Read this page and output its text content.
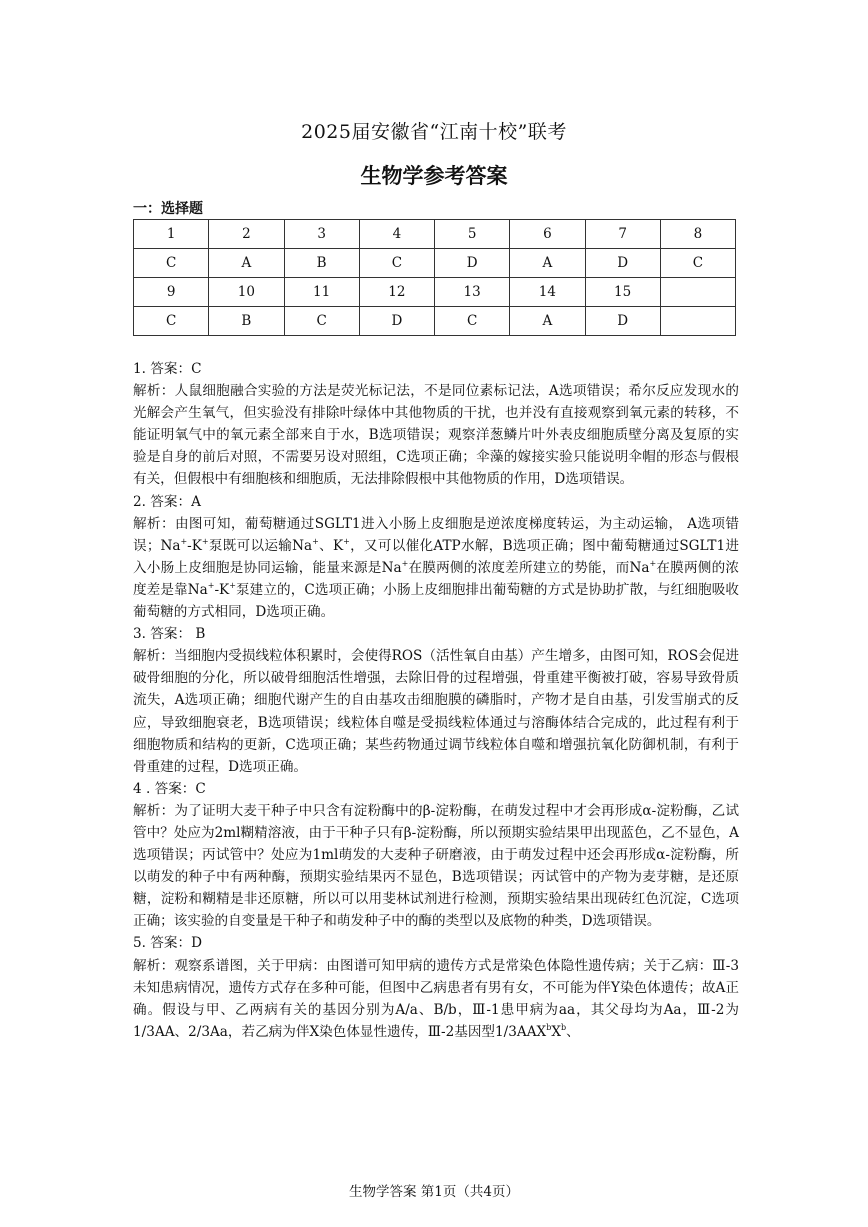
2025届安徽省“江南十校”联考
生物学参考答案
一：选择题
1	2	3	4	5	6	7	8
C	A	B	C	D	A	D	C
9	10	11	12	13	14	15	
C	B	C	D	C	A	D	

1. 答案：C

解析：人鼠细胞融合实验的方法是荧光标记法，不是同位素标记法，A选项错误；希尔反应发现水的光解会产生氧气，但实验没有排除叶绿体中其他物质的干扰，也并没有直接观察到氧元素的转移，不能证明氧气中的氧元素全部来自于水，B选项错误；观察洋葱鳞片叶外表皮细胞质壁分离及复原的实验是自身的前后对照，不需要另设对照组，C选项正确；伞藻的嫁接实验只能说明伞帽的形态与假根有关，但假根中有细胞核和细胞质，无法排除假根中其他物质的作用，D选项错误。

2. 答案：A

解析：由图可知，葡萄糖通过SGLT1进入小肠上皮细胞是逆浓度梯度转运，为主动运输， A选项错误；Na+-K+泵既可以运输Na+、K+，又可以催化ATP水解，B选项正确；图中葡萄糖通过SGLT1进入小肠上皮细胞是协同运输，能量来源是Na+在膜两侧的浓度差所建立的势能，而Na+在膜两侧的浓度差是靠Na+-K+泵建立的，C选项正确；小肠上皮细胞排出葡萄糖的方式是协助扩散，与红细胞吸收葡萄糖的方式相同，D选项正确。

3. 答案： B

解析：当细胞内受损线粒体积累时，会使得ROS（活性氧自由基）产生增多，由图可知，ROS会促进破骨细胞的分化，所以破骨细胞活性增强，去除旧骨的过程增强，骨重建平衡被打破，容易导致骨质流失，A选项正确；细胞代谢产生的自由基攻击细胞膜的磷脂时，产物才是自由基，引发雪崩式的反应，导致细胞衰老，B选项错误；线粒体自噬是受损线粒体通过与溶酶体结合完成的，此过程有利于细胞物质和结构的更新，C选项正确；某些药物通过调节线粒体自噬和增强抗氧化防御机制，有利于骨重建的过程，D选项正确。

4 . 答案：C

解析：为了证明大麦干种子中只含有淀粉酶中的β-淀粉酶，在萌发过程中才会再形成α-淀粉酶，乙试管中？处应为2ml糊精溶液，由于干种子只有β-淀粉酶，所以预期实验结果甲出现蓝色，乙不显色，A选项错误；丙试管中？处应为1ml萌发的大麦种子研磨液，由于萌发过程中还会再形成α-淀粉酶，所以萌发的种子中有两种酶，预期实验结果丙不显色，B选项错误；丙试管中的产物为麦芽糖，是还原糖，淀粉和糊精是非还原糖，所以可以用斐林试剂进行检测，预期实验结果出现砖红色沉淀，C选项正确；该实验的自变量是干种子和萌发种子中的酶的类型以及底物的种类，D选项错误。

5. 答案：D

解析：观察系谱图，关于甲病：由图谱可知甲病的遗传方式是常染色体隐性遗传病；关于乙病：Ⅲ-3未知患病情况，遗传方式存在多种可能，但图中乙病患者有男有女，不可能为伴Y染色体遗传；故A正确。假设与甲、乙两病有关的基因分别为A/a、B/b，Ⅲ-1患甲病为aa，其父母均为Aa，Ⅲ-2为1/3AA、2/3Aa，若乙病为伴X染色体显性遗传，Ⅲ-2基因型$1/3AAX^bX^b$、

生物学答案 第1页（共4页）
